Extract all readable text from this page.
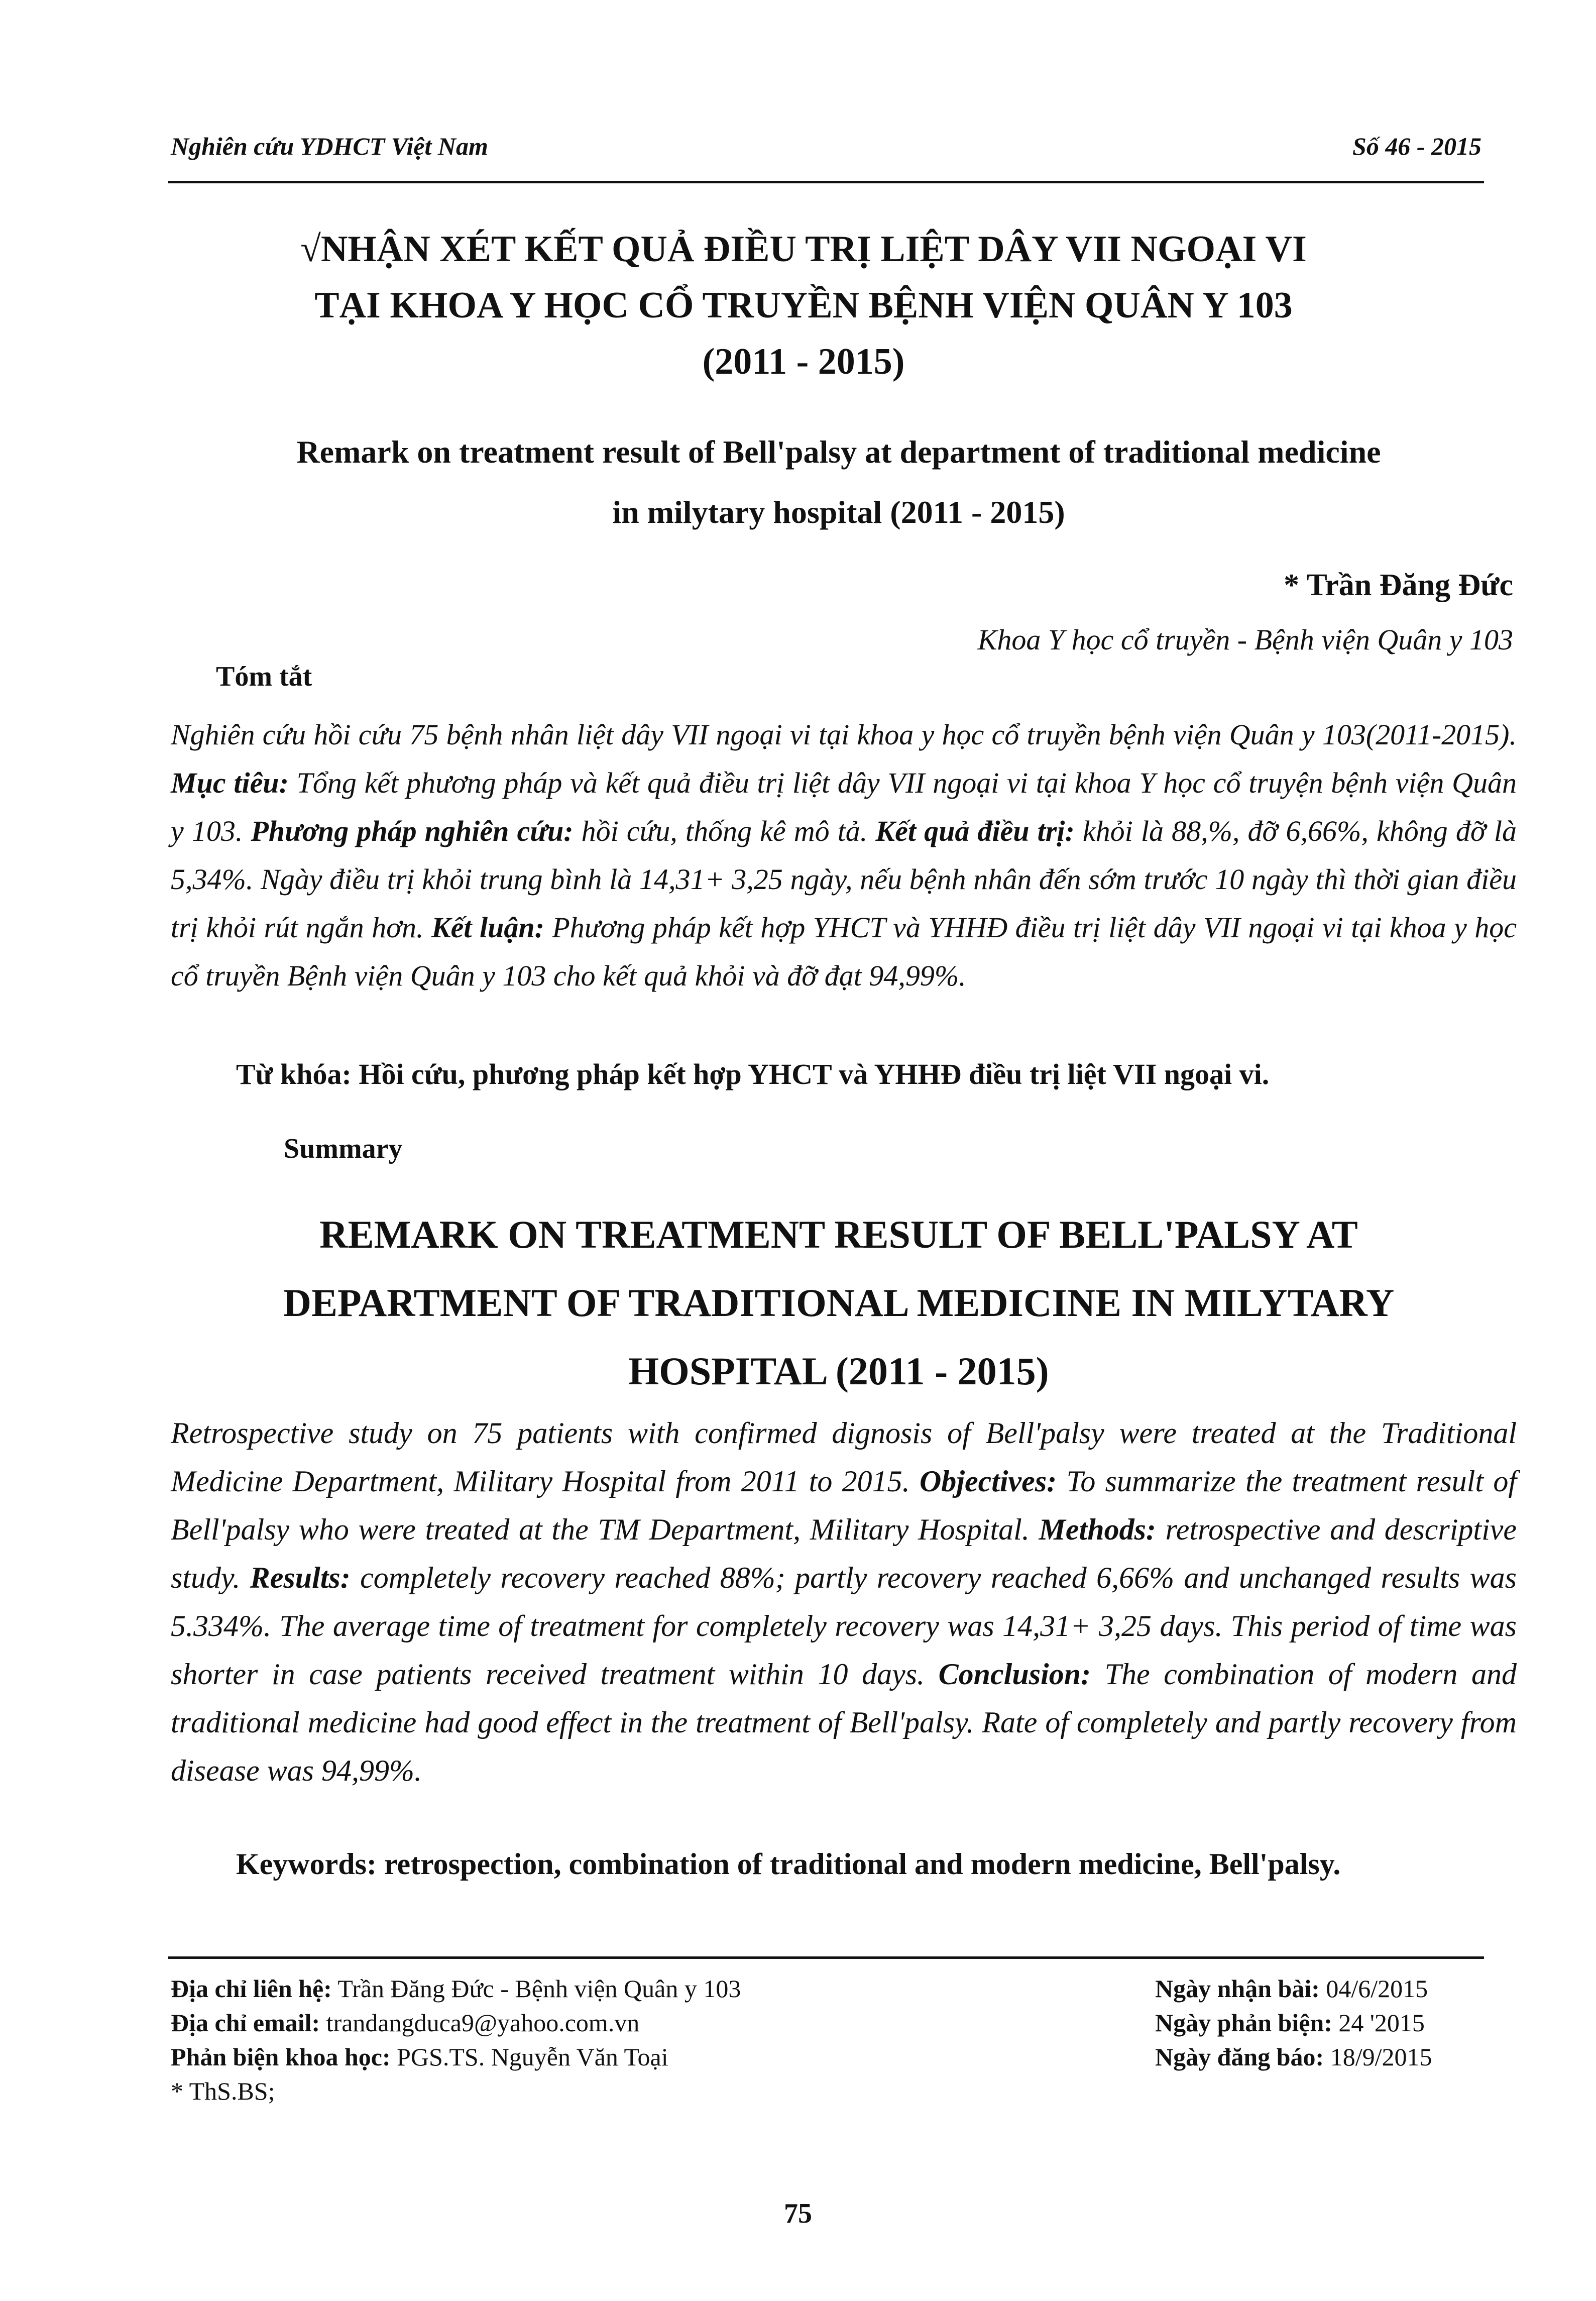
Nghiên cứu YDHCT Việt Nam	Số 46 - 2015
√NHẬN XÉT KẾT QUẢ ĐIỀU TRỊ LIỆT DÂY VII NGOẠI VI
TẠI KHOA Y HỌC CỔ TRUYỀN BỆNH VIỆN QUÂN Y 103
(2011 - 2015)
Remark on treatment result of Bell'palsy at department of traditional medicine
in milytary hospital (2011 - 2015)
* Trần Đăng Đức
Khoa Y học cổ truyền - Bệnh viện Quân y 103
Tóm tắt
Nghiên cứu hồi cứu 75 bệnh nhân liệt dây VII ngoại vi tại khoa y học cổ truyền bệnh viện Quân y 103(2011-2015). Mục tiêu: Tổng kết phương pháp và kết quả điều trị liệt dây VII ngoại vi tại khoa Y học cổ truyện bệnh viện Quân y 103. Phương pháp nghiên cứu: hồi cứu, thống kê mô tả. Kết quả điều trị: khỏi là 88,%, đỡ 6,66%, không đỡ là 5,34%. Ngày điều trị khỏi trung bình là 14,31+ 3,25 ngày, nếu bệnh nhân đến sớm trước 10 ngày thì thời gian điều trị khỏi rút ngắn hơn. Kết luận: Phương pháp kết hợp YHCT và YHHĐ điều trị liệt dây VII ngoại vi tại khoa y học cổ truyền Bệnh viện Quân y 103 cho kết quả khỏi và đỡ đạt 94,99%.
Từ khóa: Hồi cứu, phương pháp kết hợp YHCT và YHHĐ điều trị liệt VII ngoại vi.
Summary
REMARK ON TREATMENT RESULT OF BELL'PALSY AT
DEPARTMENT OF TRADITIONAL MEDICINE IN MILYTARY
HOSPITAL (2011 - 2015)
Retrospective study on 75 patients with confirmed dignosis of Bell'palsy were treated at the Traditional Medicine Department, Military Hospital from 2011 to 2015. Objectives: To summarize the treatment result of Bell'palsy who were treated at the TM Department, Military Hospital. Methods: retrospective and descriptive study. Results: completely recovery reached 88%; partly recovery reached 6,66% and unchanged results was 5.334%. The average time of treatment for completely recovery was 14,31+ 3,25 days. This period of time was shorter in case patients received treatment within 10 days. Conclusion: The combination of modern and traditional medicine had good effect in the treatment of Bell'palsy. Rate of completely and partly recovery from disease was 94,99%.
Keywords: retrospection, combination of traditional and modern medicine, Bell'palsy.
Địa chỉ liên hệ: Trần Đăng Đức - Bệnh viện Quân y 103
Địa chỉ email: trandangduca9@yahoo.com.vn
Phản biện khoa học: PGS.TS. Nguyễn Văn Toại
* ThS.BS;
Ngày nhận bài: 04/6/2015
Ngày phản biện: 24 '2015
Ngày đăng báo: 18/9/2015
75
